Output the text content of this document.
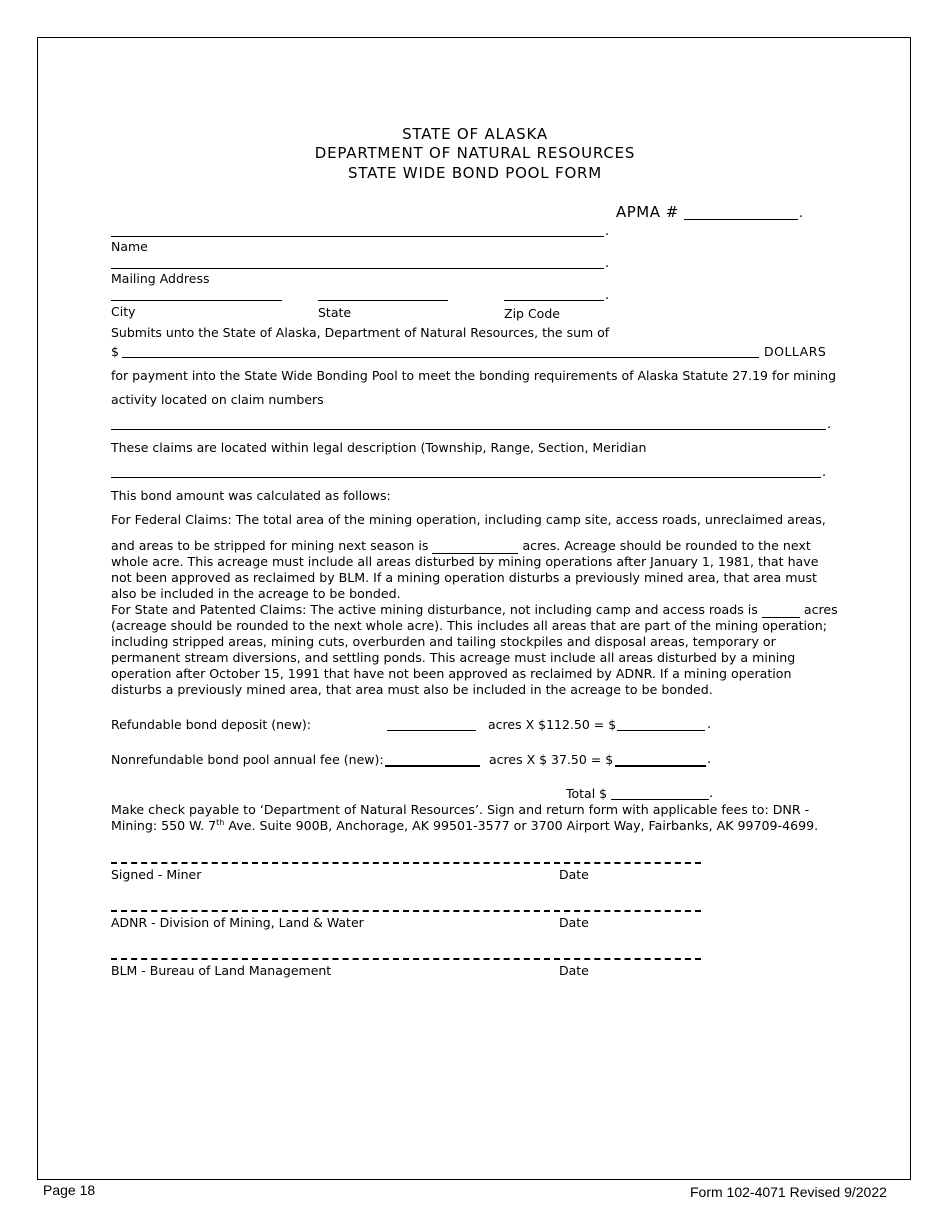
STATE OF ALASKA
DEPARTMENT OF NATURAL RESOURCES
STATE WIDE BOND POOL FORM
APMA #	.
.
Name
.
Mailing Address
.
City	State	Zip Code
Submits unto the State of Alaska, Department of Natural Resources, the sum of
$	DOLLARS
for payment into the State Wide Bonding Pool to meet the bonding requirements of Alaska Statute 27.19 for mining
activity located on claim numbers
.
These claims are located within legal description (Township, Range, Section, Meridian
.
This bond amount was calculated as follows:
For Federal Claims: The total area of the mining operation, including camp site, access roads, unreclaimed areas,
and areas to be stripped for mining next season is	acres. Acreage should be rounded to the next
whole acre. This acreage must include all areas disturbed by mining operations after January 1, 1981, that have not been approved as reclaimed by BLM. If a mining operation disturbs a previously mined area, that area must also be included in the acreage to be bonded.
For State and Patented Claims: The active mining disturbance, not including camp and access roads is	acres
(acreage should be rounded to the next whole acre). This includes all areas that are part of the mining operation; including stripped areas, mining cuts, overburden and tailing stockpiles and disposal areas, temporary or permanent stream diversions, and settling ponds. This acreage must include all areas disturbed by a mining operation after October 15, 1991 that have not been approved as reclaimed by ADNR. If a mining operation disturbs a previously mined area, that area must also be included in the acreage to be bonded.
Refundable bond deposit (new):	acres X $112.50 = $	.
Nonrefundable bond pool annual fee (new):	acres X $ 37.50 = $	.
Total $	.
Make check payable to ‘Department of Natural Resources’. Sign and return form with applicable fees to: DNR -
Mining: 550 W. 7th Ave. Suite 900B, Anchorage, AK 99501-3577 or 3700 Airport Way, Fairbanks, AK 99709-4699.
Signed - Miner	Date
ADNR - Division of Mining, Land & Water	Date
BLM - Bureau of Land Management	Date
Page 18	Form 102-4071 Revised 9/2022
